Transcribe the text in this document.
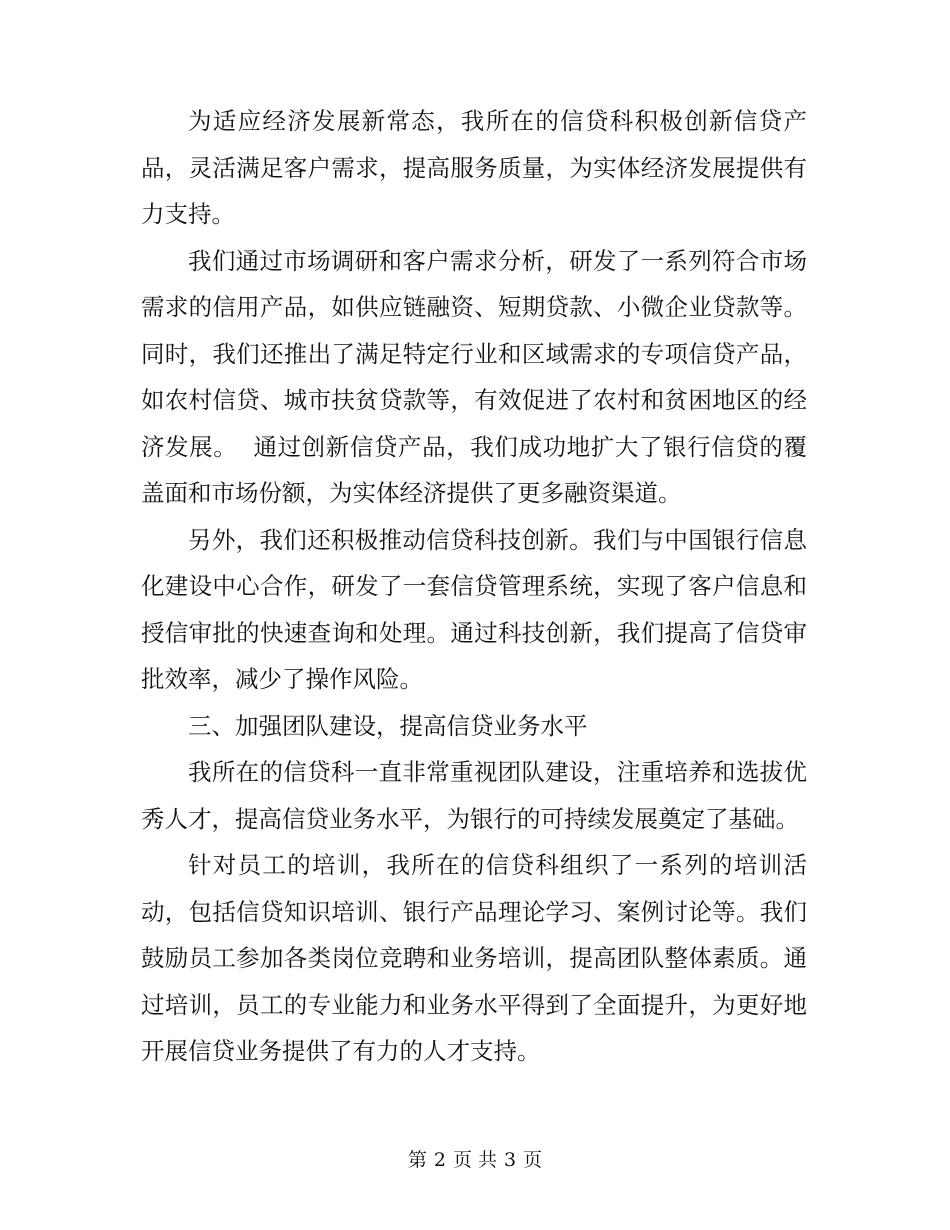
为适应经济发展新常态，我所在的信贷科积极创新信贷产品，灵活满足客户需求，提高服务质量，为实体经济发展提供有力支持。

我们通过市场调研和客户需求分析，研发了一系列符合市场需求的信用产品，如供应链融资、短期贷款、小微企业贷款等。同时，我们还推出了满足特定行业和区域需求的专项信贷产品，如农村信贷、城市扶贫贷款等，有效促进了农村和贫困地区的经济发展。  通过创新信贷产品，我们成功地扩大了银行信贷的覆盖面和市场份额，为实体经济提供了更多融资渠道。

另外，我们还积极推动信贷科技创新。我们与中国银行信息化建设中心合作，研发了一套信贷管理系统，实现了客户信息和授信审批的快速查询和处理。通过科技创新，我们提高了信贷审批效率，减少了操作风险。

三、加强团队建设，提高信贷业务水平

我所在的信贷科一直非常重视团队建设，注重培养和选拔优秀人才，提高信贷业务水平，为银行的可持续发展奠定了基础。

针对员工的培训，我所在的信贷科组织了一系列的培训活动，包括信贷知识培训、银行产品理论学习、案例讨论等。我们鼓励员工参加各类岗位竞聘和业务培训，提高团队整体素质。通过培训，员工的专业能力和业务水平得到了全面提升，为更好地开展信贷业务提供了有力的人才支持。

第 2 页 共 3 页
